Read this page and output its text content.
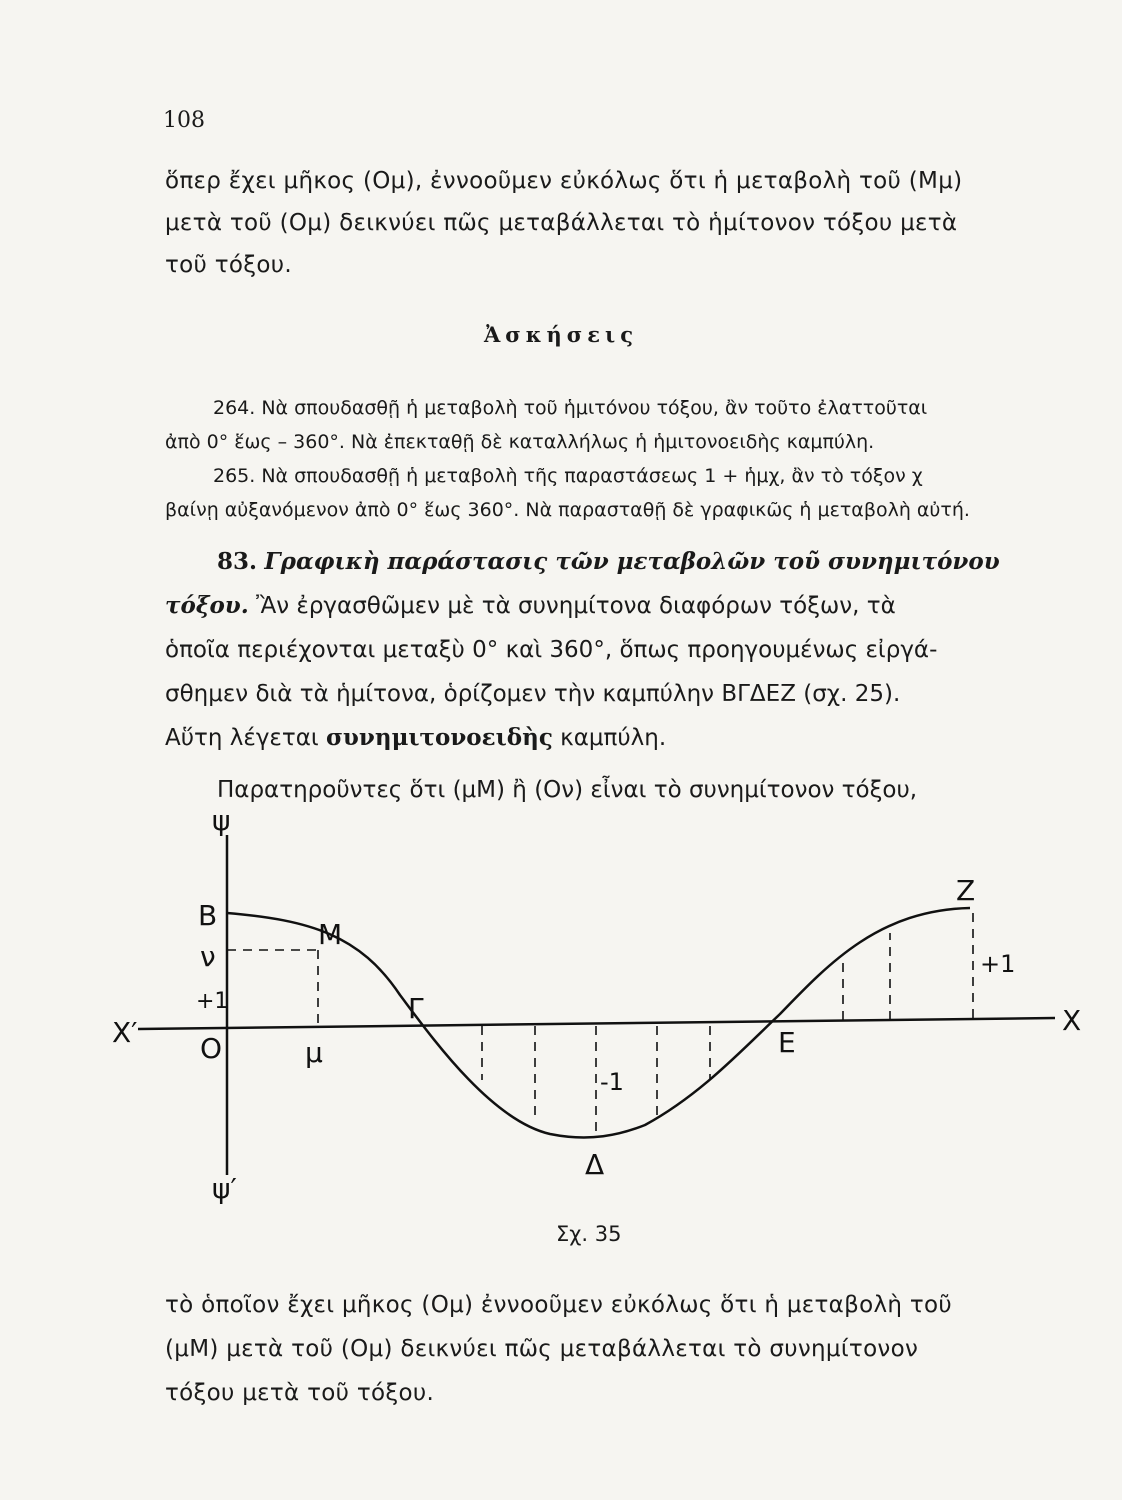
108
ὅπερ ἔχει μῆκος (Ομ), ἐννοοῦμεν εὐκόλως ὅτι ἡ μεταβολὴ τοῦ (Μμ)
μετὰ τοῦ (Ομ) δεικνύει πῶς μεταβάλλεται τὸ ἡμίτονον τόξου μετὰ
τοῦ τόξου.
Ἀσκήσεις
264. Νὰ σπουδασθῇ ἡ μεταβολὴ τοῦ ἡμιτόνου τόξου, ἂν τοῦτο ἐλαττοῦται
ἀπὸ 0° ἕως – 360°. Νὰ ἐπεκταθῇ δὲ καταλλήλως ἡ ἡμιτονοειδὴς καμπύλη.
265. Νὰ σπουδασθῇ ἡ μεταβολὴ τῆς παραστάσεως 1 + ἡμχ, ἂν τὸ τόξον χ
βαίνῃ αὐξανόμενον ἀπὸ 0° ἕως 360°. Νὰ παρασταθῇ δὲ γραφικῶς ἡ μεταβολὴ αὐτή.
83. Γραφικὴ παράστασις τῶν μεταβολῶν τοῦ συνημιτόνου
τόξου. Ἂν ἐργασθῶμεν μὲ τὰ συνημίτονα διαφόρων τόξων, τὰ
ὁποῖα περιέχονται μεταξὺ 0° καὶ 360°, ὅπως προηγουμένως εἰργά-
σθημεν διὰ τὰ ἡμίτονα, ὁρίζομεν τὴν καμπύλην ΒΓΔΕΖ (σχ. 25).
Αὕτη λέγεται συνημιτονοειδὴς καμπύλη.
Παρατηροῦντες ὅτι (μΜ) ἢ (Ον) εἶναι τὸ συνημίτονον τόξου,
ψ
ψ′
X
X′ Ο
Β
ν
+1
Μ
μ
Γ
Δ
Ε
Ζ
-1
+1
Σχ. 35
τὸ ὁποῖον ἔχει μῆκος (Ομ) ἐννοοῦμεν εὐκόλως ὅτι ἡ μεταβολὴ τοῦ
(μΜ) μετὰ τοῦ (Ομ) δεικνύει πῶς μεταβάλλεται τὸ συνημίτονον
τόξου μετὰ τοῦ τόξου.
